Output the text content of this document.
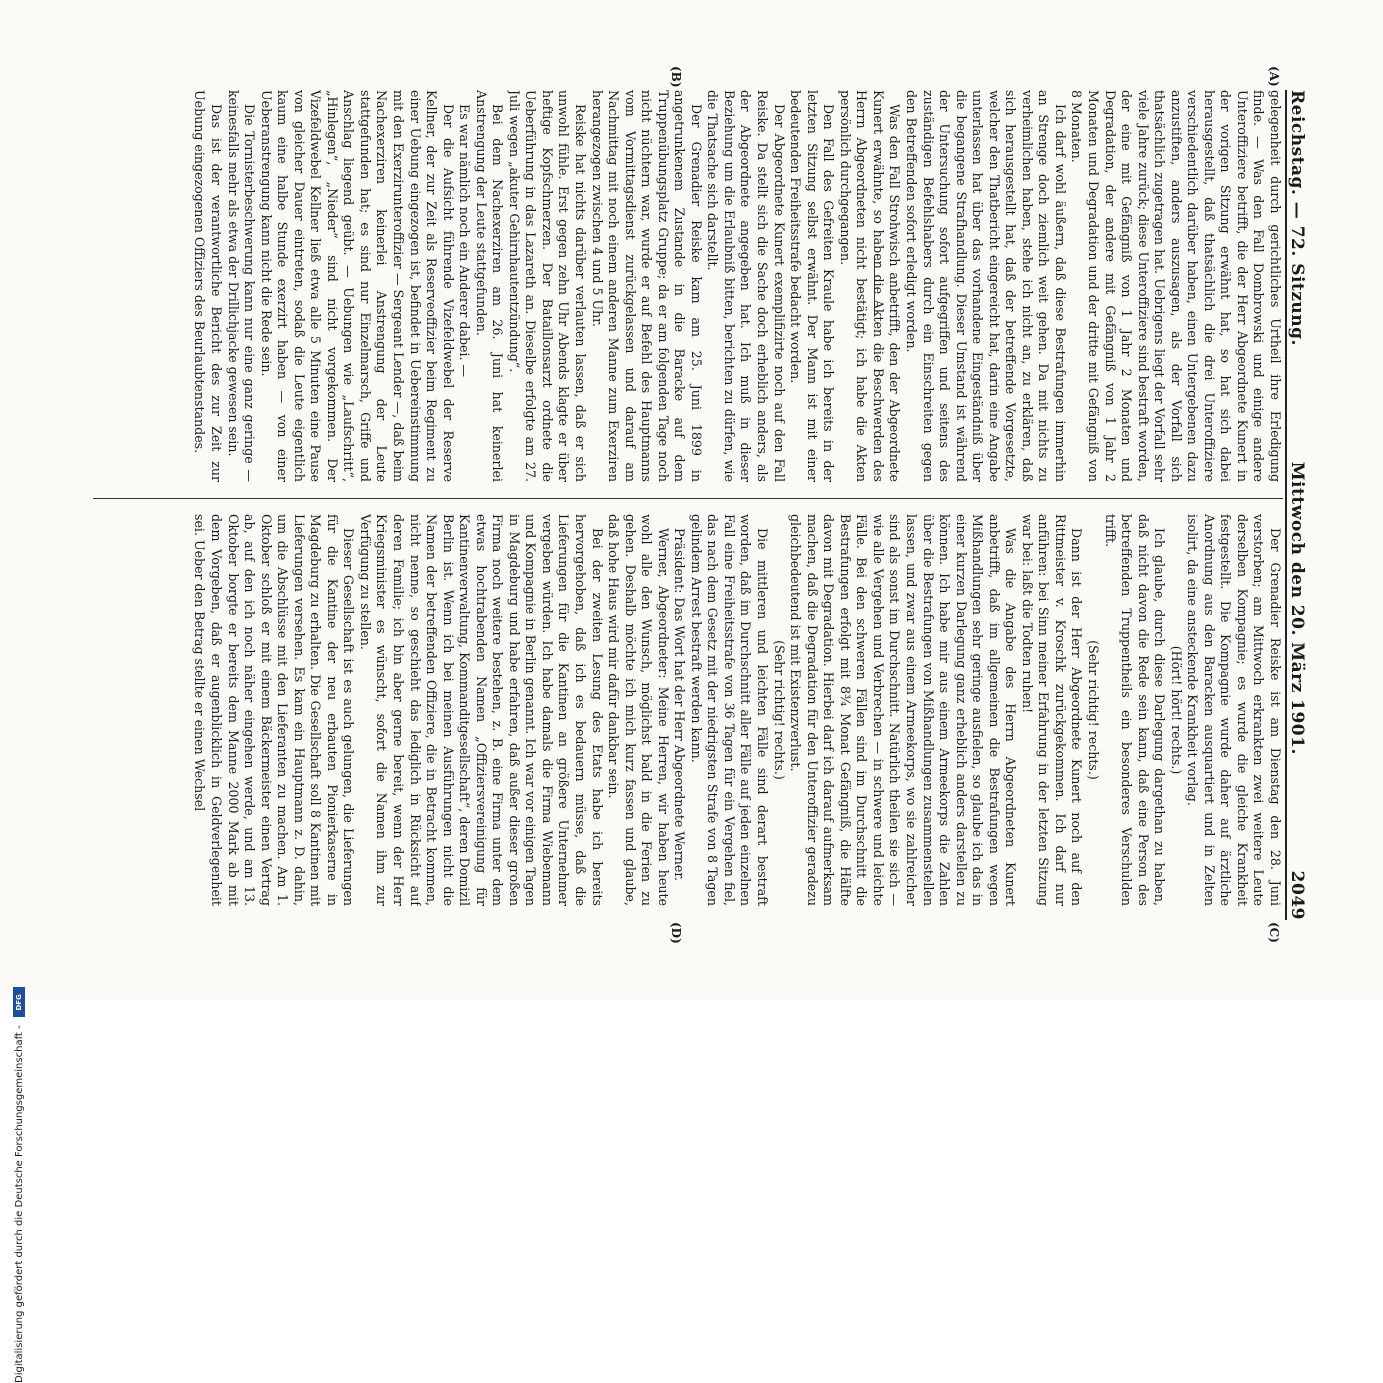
Reichstag. — 72. Sitzung.
Mittwoch den 20. März 1901.
2049
(A)
(B)
(C)
(D)

gelegenheit durch gerichtliches Urtheil ihre Erledigung finde. — Was den Fall Dombrowski und einige andere Unteroffiziere betrifft, die der Herr Abgeordnete Kunert in der vorigen Sitzung erwähnt hat, so hat sich dabei herausgestellt, daß thatsächlich die drei Unteroffiziere verschiedentlich darüber haben, einen Untergebenen dazu anzustiften, anders auszusagen, als der Vorfall sich thatsächlich zugetragen hat. Uebrigens liegt der Vorfall sehr viele Jahre zurück; diese Unteroffiziere sind bestraft worden, der eine mit Gefängniß von 1 Jahr 2 Monaten und Degradation, der andere mit Gefängniß von 1 Jahr 2 Monaten und Degradation und der dritte mit Gefängniß von 8 Monaten.

Ich darf wohl äußern, daß diese Bestrafungen immerhin an Strenge doch ziemlich weit gehen. Da mit nichts zu verheimlichen haben, stehe ich nicht an, zu erklären, daß sich herausgestellt hat, daß der betreffende Vorgesetzte, welcher den Thatbericht eingereicht hat, darin eine Angabe unterlassen hat über das vorhandene Eingeständniß über die begangene Strafhandlung. Dieser Umstand ist während der Untersuchung sofort aufgegriffen und seitens des zuständigen Befehlshabers durch ein Einschreiten gegen den Betreffenden sofort erledigt worden.

Was den Fall Strohwisch anbetrifft, den der Abgeordnete Kunert erwähnte, so haben die Akten die Beschwerden des Herrn Abgeordneten nicht bestätigt; ich habe die Akten persönlich durchgegangen.

Den Fall des Gefreiten Kraule habe ich bereits in der letzten Sitzung selbst erwähnt. Der Mann ist mit einer bedeutenden Freiheitsstrafe bedacht worden.

Der Abgeordnete Kunert exemplifizirte noch auf den Fall Reiske. Da stellt sich die Sache doch erheblich anders, als der Abgeordnete angegeben hat. Ich muß in dieser Beziehung um die Erlaubniß bitten, berichten zu dürfen, wie die Thatsache sich darstellt.

Der Grenadier Reiske kam am 25. Juni 1899 in angetrunkenem Zustande in die Baracke auf dem Truppenübungsplatz Gruppe; da er am folgenden Tage noch nicht nüchtern war, wurde er auf Befehl des Hauptmanns vom Vormittagsdienst zurückgelassen und darauf am Nachmittag mit noch einem anderen Manne zum Exerziren herangezogen zwischen 4 und 5 Uhr.

Reiske hat nichts darüber verlauten lassen, daß er sich unwohl fühle. Erst gegen zehn Uhr Abends klagte er über heftige Kopfschmerzen. Der Bataillonsarzt ordnete die Ueberführung in das Lazareth an. Dieselbe erfolgte am 27. Juli wegen „akuter Gehirnhautentzündung“.

Bei dem Nachexerziren am 26. Juni hat keinerlei Anstrengung der Leute stattgefunden.

Es war nämlich noch ein Anderer dabei. —

Der die Aufsicht führende Vizefeldwebel der Reserve Kellner, der zur Zeit als Reserveoffizier beim Regiment zu einer Uebung eingezogen ist, befindet in Uebereinstimmung mit den Exerzirunteroffizier — Sergeant Lender —, daß beim Nachexerziren keinerlei Anstrengung der Leute stattgefunden hat; es sind nur Einzelmarsch, Griffe und Anschlag liegend geübt. — Uebungen wie „Laufschritt“, „Hinlegen“, „Nieder“ sind nicht vorgekommen. Der Vizefeldwebel Kellner ließ etwa alle 5 Minuten eine Pause von gleicher Dauer eintreten, sodaß die Leute eigentlich kaum eine halbe Stunde exerzirt haben — von einer Ueberanstrengung kann nicht die Rede sein.

Die Tornisterbeschwerung kann nur eine ganz geringe — keinesfalls mehr als etwa der Drillichjacke gewesen sein.

Das ist der verantwortliche Bericht des zur Zeit zur Uebung eingezogenen Offiziers des Beurlaubtenstandes.

Der Grenadier Reiske ist am Dienstag den 28. Juni verstorben; am Mittwoch erkrankten zwei weitere Leute derselben Kompagnie; es wurde die gleiche Krankheit festgestellt. Die Kompagnie wurde daher auf ärztliche Anordnung aus den Baracken ausquartiert und in Zelten isolirt, da eine ansteckende Krankheit vorlag.

(Hört! hört! rechts.)

Ich glaube, durch diese Darlegung dargethan zu haben, daß nicht davon die Rede sein kann, daß eine Person des betreffenden Truppentheils ein besonderes Verschulden trifft.

(Sehr richtig! rechts.)

Dann ist der Herr Abgeordnete Kunert noch auf den Rittmeister v. Kroschk zurückgekommen. Ich darf nur anführen: bei Sinn meiner Erfahrung in der letzten Sitzung war bei: laßt die Todten ruhen!

Was die Angabe des Herrn Abgeordneten Kunert anbetrifft, daß im allgemeinen die Bestrafungen wegen Mißhandlungen sehr geringe ausfielen, so glaube ich das in einer kurzen Darlegung ganz erheblich anders darstellen zu können. Ich habe mir aus einem Armeekorps die Zahlen über die Bestrafungen von Mißhandlungen zusammenstellen lassen, und zwar aus einem Armeekorps, wo sie zahlreicher sind als sonst im Durchschnitt. Natürlich theilen sie sich — wie alle Vergehen und Verbrechen — in schwere und leichte Fälle. Bei den schweren Fällen sind im Durchschnitt die Bestrafungen erfolgt mit 8¾ Monat Gefängniß, die Hälfte davon mit Degradation. Hierbei darf ich darauf aufmerksam machen, daß die Degradation für den Unteroffizier geradezu gleichbedeutend ist mit Existenzverlust.

(Sehr richtig! rechts.)

Die mittleren und leichten Fälle sind derart bestraft worden, daß im Durchschnitt aller Fälle auf jeden einzelnen Fall eine Freiheitsstrafe von 36 Tagen für ein Vergehen fiel, das nach dem Gesetz mit der niedrigsten Strafe von 8 Tagen gelindem Arrest bestraft werden kann.

Präsident: Das Wort hat der Herr Abgeordnete Werner.

Werner, Abgeordneter: Meine Herren, wir haben heute wohl alle den Wunsch, möglichst bald in die Ferien zu gehen. Deshalb möchte ich mich kurz fassen und glaube, daß hohe Haus wird mir dafür dankbar sein.

Bei der zweiten Lesung des Etats habe ich bereits hervorgehoben, daß ich es bedauern müsse, daß die Lieferungen für die Kantinen an größere Unternehmer vergeben würden. Ich habe damals die Firma Wiebemann und Kompagnie in Berlin genannt. Ich war vor einigen Tagen in Magdeburg und habe erfahren, daß außer dieser großen Firma noch weitere bestehen, z. B. eine Firma unter dem etwas hochtrabenden Namen „Offiziersvereinigung für Kantinenverwaltung, Kommanditgesellschaft“, deren Domizil Berlin ist. Wenn ich bei meinen Ausführungen nicht die Namen der betreffenden Offiziere, die in Betracht kommen, nicht nenne, so geschieht das lediglich in Rücksicht auf deren Familie; ich bin aber gerne bereit, wenn der Herr Kriegsminister es wünscht, sofort die Namen ihm zur Verfügung zu stellen.

Dieser Gesellschaft ist es auch gelungen, die Lieferungen für die Kantine der neu erbauten Pionierkaserne in Magdeburg zu erhalten. Die Gesellschaft soll 8 Kantinen mit Lieferungen versehen. Es kam ein Hauptmann z. D. dahin, um die Abschlüsse mit den Lieferanten zu machen. Am 1. Oktober schloß er mit einem Bäckermeister einen Vertrag ab, auf den ich noch näher eingehen werde, und am 13. Oktober borgte er bereits dem Manne 2000 Mark ab mit dem Vorgeben, daß er augenblicklich in Geldverlegenheit sei. Ueber den Betrag stellte er einen Wechsel

Digitalisierung gefördert durch die Deutsche Forschungsgemeinschaft -
DFG
